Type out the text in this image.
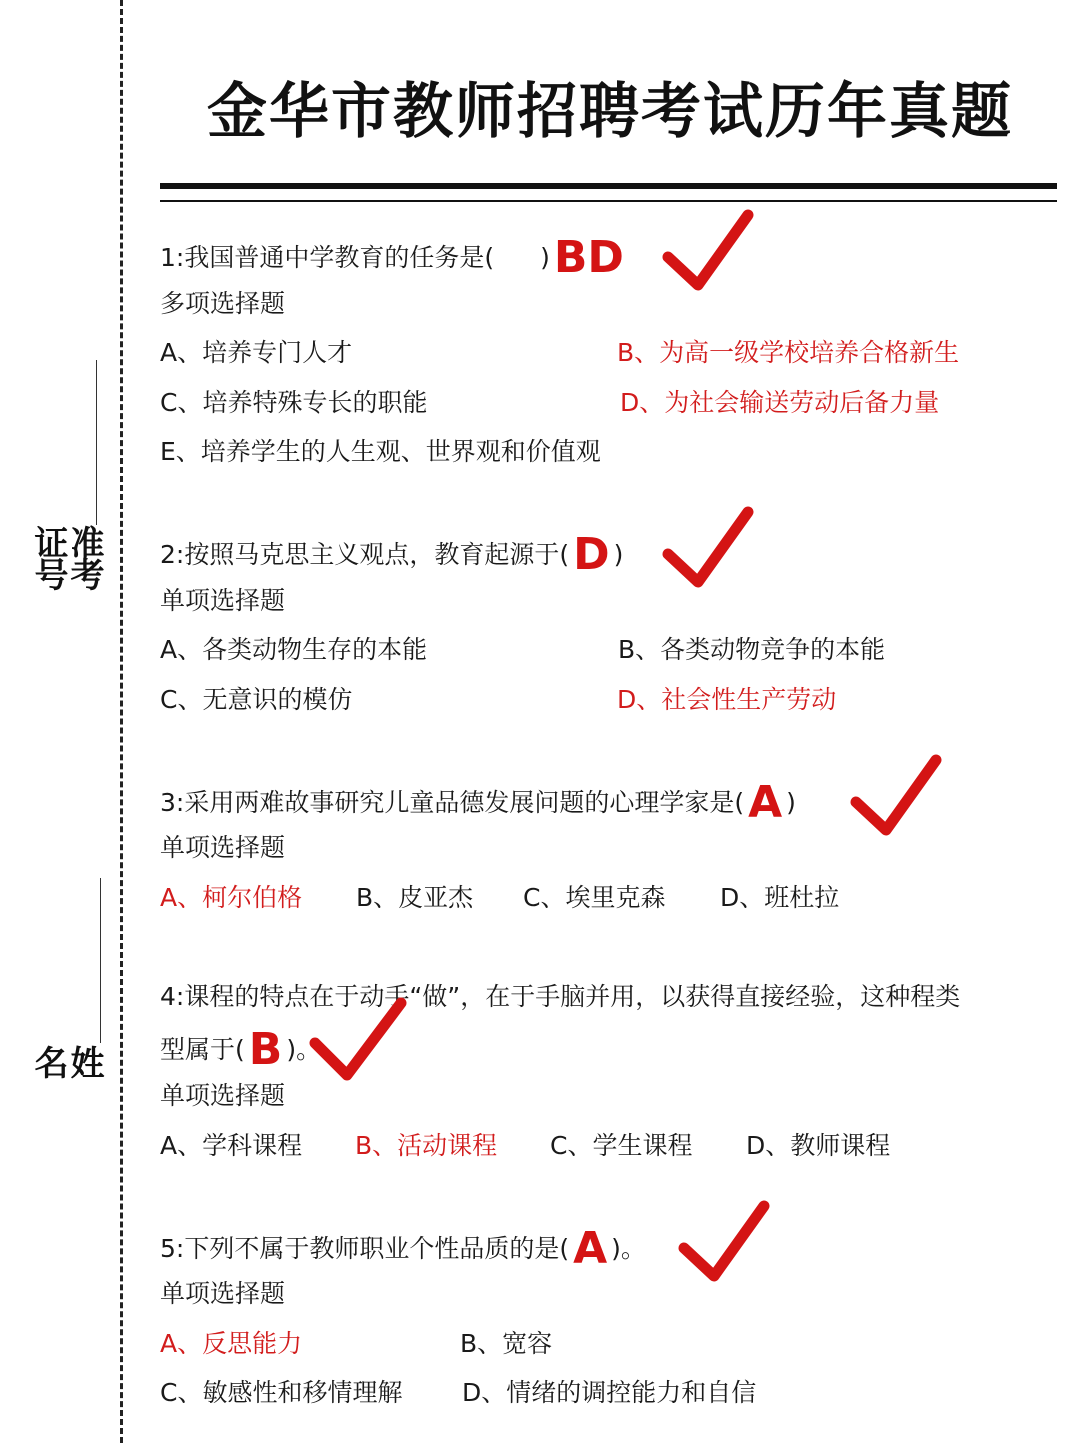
准考
证号
姓
名
金华市教师招聘考试历年真题
1:我国普通中学教育的任务是( )BD
多项选择题
A、培养专门人才	B、为高一级学校培养合格新生
C、培养特殊专长的职能	D、为社会输送劳动后备力量
E、培养学生的人生观、世界观和价值观
2:按照马克思主义观点，教育起源于(D )
单项选择题
A、各类动物生存的本能	B、各类动物竞争的本能
C、无意识的模仿	D、社会性生产劳动
3:采用两难故事研究儿童品德发展问题的心理学家是(A )
单项选择题
A、柯尔伯格 B、皮亚杰 C、埃里克森 D、班杜拉
4:课程的特点在于动手“做”，在于手脑并用，以获得直接经验，这种程类
型属于(B )。
单项选择题
A、学科课程 B、活动课程 C、学生课程 D、教师课程
5:下列不属于教师职业个性品质的是(A )。
单项选择题
A、反思能力	B、宽容
C、敏感性和移情理解 D、情绪的调控能力和自信
